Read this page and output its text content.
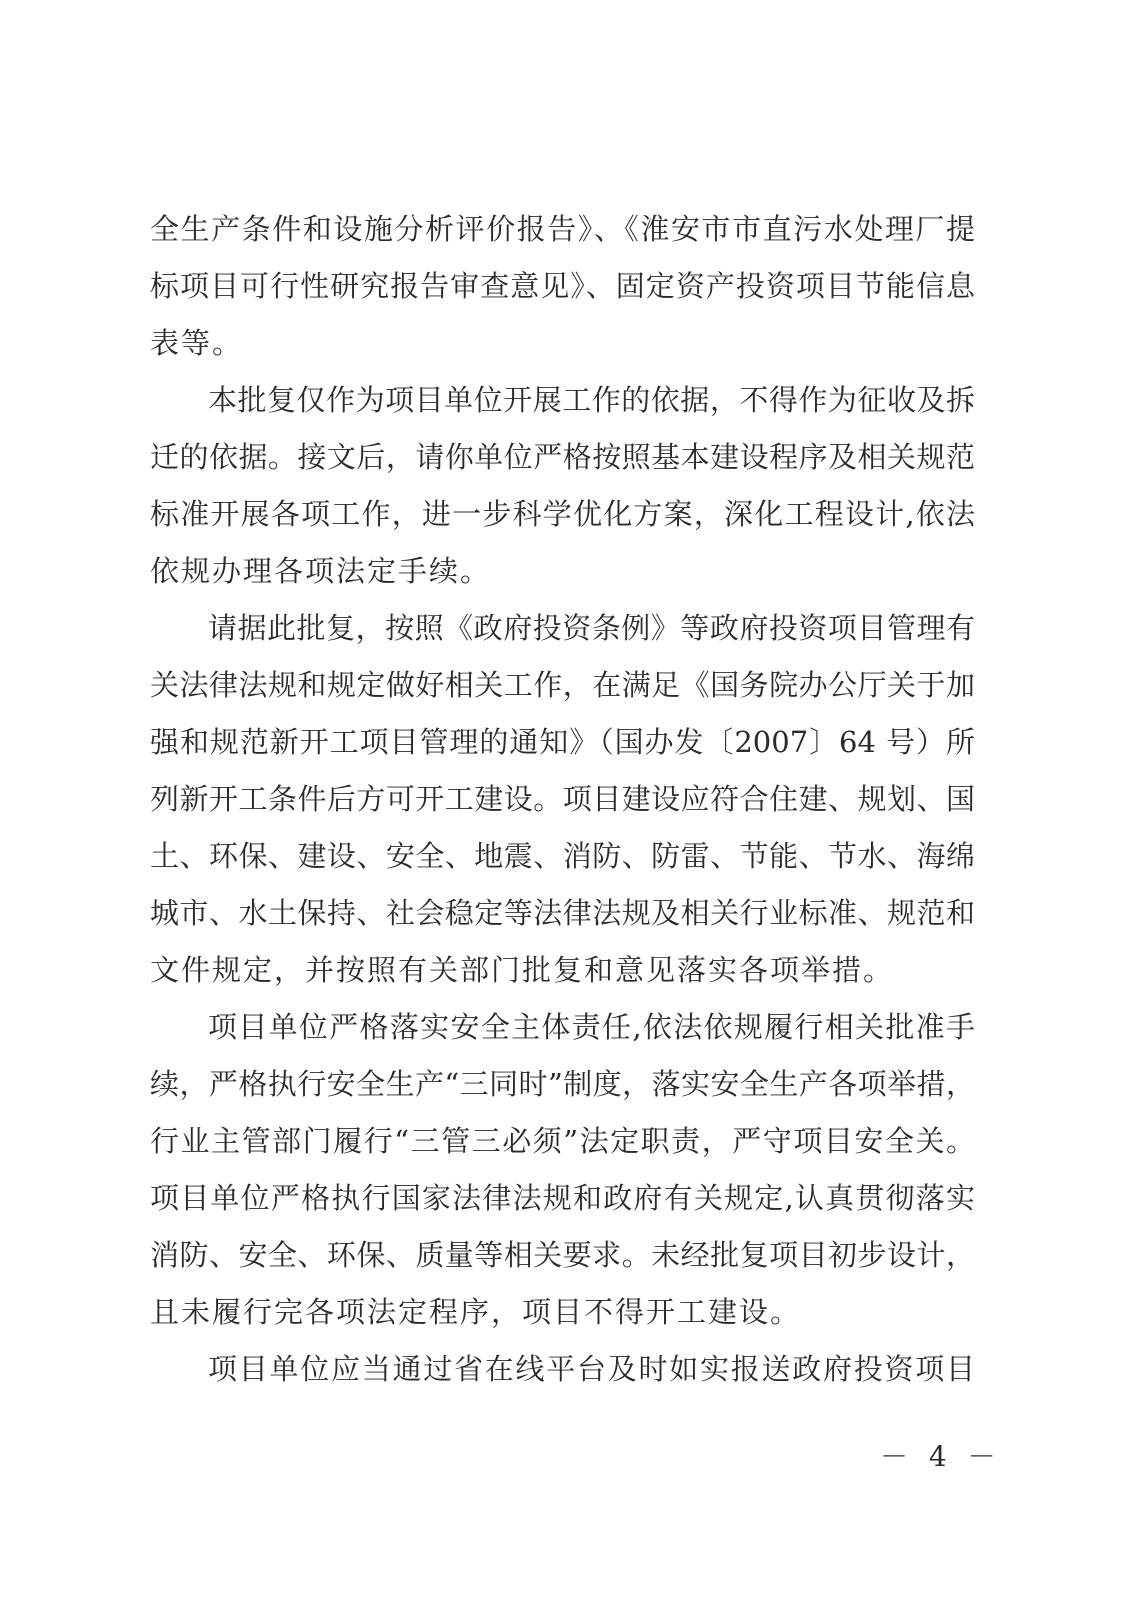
全生产条件和设施分析评价报告》、《淮安市市直污水处理厂提
标项目可行性研究报告审查意见》、固定资产投资项目节能信息
表等。
本批复仅作为项目单位开展工作的依据，不得作为征收及拆
迁的依据。接文后，请你单位严格按照基本建设程序及相关规范
标准开展各项工作，进一步科学优化方案，深化工程设计,依法
依规办理各项法定手续。
请据此批复，按照《政府投资条例》等政府投资项目管理有
关法律法规和规定做好相关工作，在满足《国务院办公厅关于加
强和规范新开工项目管理的通知》（国办发〔2007〕64 号）所
列新开工条件后方可开工建设。项目建设应符合住建、规划、国
土、环保、建设、安全、地震、消防、防雷、节能、节水、海绵
城市、水土保持、社会稳定等法律法规及相关行业标准、规范和
文件规定，并按照有关部门批复和意见落实各项举措。
项目单位严格落实安全主体责任,依法依规履行相关批准手
续，严格执行安全生产“三同时”制度，落实安全生产各项举措，
行业主管部门履行“三管三必须”法定职责，严守项目安全关。
项目单位严格执行国家法律法规和政府有关规定,认真贯彻落实
消防、安全、环保、质量等相关要求。未经批复项目初步设计，
且未履行完各项法定程序，项目不得开工建设。
项目单位应当通过省在线平台及时如实报送政府投资项目
－ 4 －
